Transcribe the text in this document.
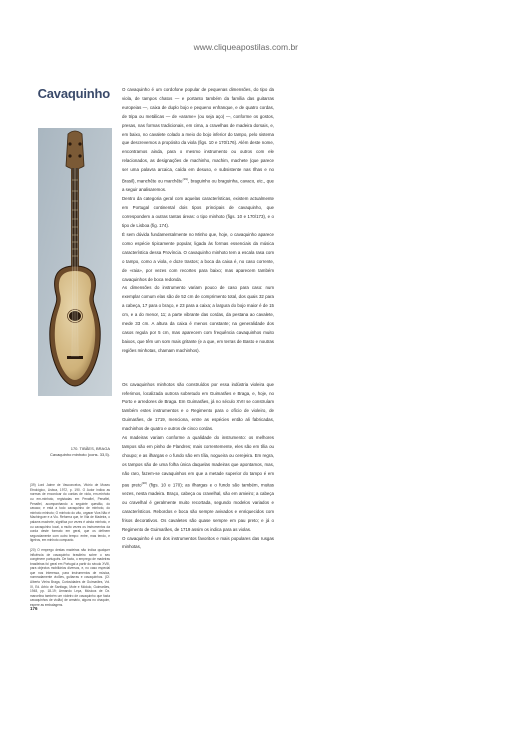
www.cliqueapostilas.com.br
Cavaquinho
170. TIBÃES, BRAGA
Cavaquinho minhoto (cons. 33,5).

(39) Lord Jaime de Vasconcelos, Vitório de Museu Etnológico, Lisboa, 1972, p. 190. O Autor indica as normas de encordoar do cordas de viola, em-minhoto ou em-minhoto, registadas em Penafiel, Penafiel, Penafiel, acompanhando a seguinte questão, do cavaco; e está a todo cavaquinho de minhoto, do minhoto minhoto; O minhoto do vão, orgarar Viva Não é Machinguer e a Viu. Reforma que, te Vila de Madeira, o palavra machete, significa por vezes é ainda minhoto, e ou cavaquinho local, a muito vezes os instrumentos da corda deste formato em geral, que os definem segundamente com outro tempo: entre, mas tendo, e ligeiros, em minhoto compacto.

(20) O emprego destas madeiras não indica qualquer influência de cavaquinho brasileiro sobre o seu congénere português. De facto, o emprego de madeiras brasileiras foi geral em Portugal a partir do século XVIII, para objectos mobiliários diversos, e, no caso especial que nos interessa, para instrumentos de música, nomeadamente violões, guitarras e cavaquinhos. (Cf. Alberto Vieira Braga, Curiosidades de Guimarães, Vol. XI, Ed. Arbio de Santiago, Mote e Módulo, Guimarães, 1948, pp. 18-19; Armando Leça, Músicos de Oz. marcelina também um violeiro de cavaquinho que fazia cavaquinhos de violão) de armário, alguns no chaquim, espere as embalagens.

176

O cavaquinho é um cordofone popular de pequenas dimensões, do tipo da viola, de tampos chatos — e portanto também da família das guitarras europeias —, caixa de duplo bojo e pequeno enfranque, e de quatro cordas, de tripa ou metálicas — de «arame» (ou seja aço) —, conforme os gostos, presas, nas formas tradicionais, em cima, a cravelhas de madeira dorsais, e, em baixo, no cavalete colado a meio do bojo inferior do tampo, pelo sistema que descrevemos a propósito da viola (figs. 10 e 170/176). Além deste nome, encontramos ainda, para o mesmo instrumento ou outros com ele relacionados, as designações de machinho, machim, machete (que parece ser uma palavra arcaica, caída em desuso, e subsistente nas Ilhas e no Brasil), manchête ou marchête$^{(19)}$, braguinho ou braguinha, cavaco, etc., que a seguir analisaremos.

Dentro da categoria geral com aquelas características, existem actualmente em Portugal continental dois tipos principais de cavaquinho, que correspondem a outras tantas áreas: o tipo minhoto (figs. 10 e 170/173), e o tipo de Lisboa (fig. 174).

É sem dúvida fundamentalmente no Minho que, hoje, o cavaquinho aparece como espécie tipicamente popular, ligada às formas essenciais da música característica dessa Província. O cavaquinho minhoto tem a escala rasa com o tampo, como a viola, e doze trastos; a boca da caixa é, no caso corrente, de «raia», por vezes com recortes para baixo; mas aparecem também cavaquinhos de boca redonda.

As dimensões do instrumento variam pouco de caso para caso: num exemplar comum elas são de 52 cm de comprimento total, dos quais 32 para a cabeça, 17 para o braço, e 23 para a caixa; a largura do bojo maior é de 15 cm, e a do menor, 11; a parte vibrante das cordas, da pestana ao cavalete, mede 33 cm. A altura da caixa é menos constante; na generalidade dos casos regula por 5 cm, mas aparecem com frequência cavaquinhos muito baixos, que têm um som mais gritante (e a que, em terras de Basto e noutras regiões minhotas, chamam machinhos).

Os cavaquinhos minhotos são construídos por essa indústria violeira que referimos, localizada outrora sobretudo em Guimarães e Braga, e, hoje, no Porto e arredores de Braga. Em Guimarães, já no século XVII se construíam também estes instrumentos e o Regimento para o ofício de violeiro, de Guimarães, de 1719, menciona, entre as espécies então ali fabricadas, machinhos de quatro e outros de cinco cordas.

As madeiras variam conforme a qualidade do instrumento: os melhores tampos são em pinho de Flandres; mais correntemente, eles são em tília ou choupo; e as ilhargas e o fundo são em tília, nogueira ou cerejeira. Em regra, os tampos são de uma folha única daquelas madeiras que apontamos, mas, não raro, fazem-se cavaquinhos em que a metade superior do tampo é em pau preto$^{(20)}$ (figs. 10 e 170); as ilhargas e o fundo são também, muitas vezes, nesta madeira. Braço, cabeça ou cravelhal, são em amieiro; a cabeça ou cravelhal é geralmente muito recortada, segundo modelos variados e característicos. Rebordos e boca são sempre avivados e enriquecidos com frisos decorativos. Os cavaletes são quase sempre em pau preto; e já o Regimento de Guimarães, de 1719 assim os indica para as violas.

O cavaquinho é um dos instrumentos favoritos e mais populares das rusgas minhotas,
